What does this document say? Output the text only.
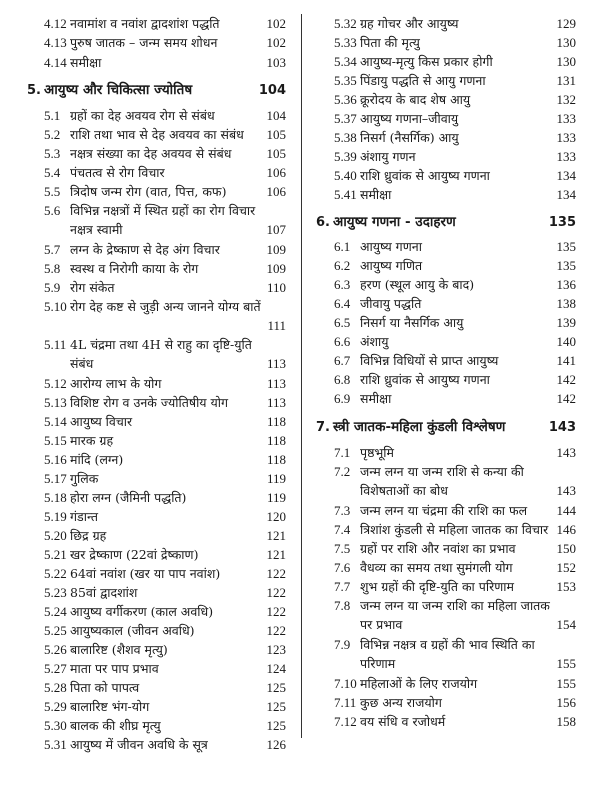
4.12 नवामांश व नवांश द्वादशांश पद्धति	102
4.13 पुरुष जातक – जन्म समय शोधन	102
4.14 समीक्षा	103
5. आयुष्य और चिकित्सा ज्योतिष	104
5.1 ग्रहों का देह अवयव रोग से संबंध	104
5.2 राशि तथा भाव से देह अवयव का संबंध	105
5.3 नक्षत्र संख्या का देह अवयव से संबंध	105
5.4 पंचतत्व से रोग विचार	106
5.5 त्रिदोष जन्म रोग (वात, पित्त, कफ)	106
5.6 विभिन्न नक्षत्रों में स्थित ग्रहों का रोग विचार
नक्षत्र स्वामी	107
5.7 लग्न के द्रेष्काण से देह अंग विचार	109
5.8 स्वस्थ व निरोगी काया के रोग	109
5.9 रोग संकेत	110
5.10 रोग देह कष्ट से जुड़ी अन्य जानने योग्य बातें
111
5.11 4L चंद्रमा तथा 4H से राहु का दृष्टि-युति
संबंध	113
5.12 आरोग्य लाभ के योग	113
5.13 विशिष्ट रोग व उनके ज्योतिषीय योग	113
5.14 आयुष्य विचार	118
5.15 मारक ग्रह	118
5.16 मांदि (लग्न)	118
5.17 गुलिक	119
5.18 होरा लग्न (जैमिनी पद्धति)	119
5.19 गंडान्त	120
5.20 छिद्र ग्रह	121
5.21 खर द्रेष्काण (22वां द्रेष्काण)	121
5.22 64वां नवांश (खर या पाप नवांश)	122
5.23 85वां द्वादशांश	122
5.24 आयुष्य वर्गीकरण (काल अवधि)	122
5.25 आयुष्यकाल (जीवन अवधि)	122
5.26 बालारिष्ट (शैशव मृत्यु)	123
5.27 माता पर पाप प्रभाव	124
5.28 पिता को पापत्व	125
5.29 बालारिष्ट भंग-योग	125
5.30 बालक की शीघ्र मृत्यु	125
5.31 आयुष्य में जीवन अवधि के सूत्र	126
5.32 ग्रह गोचर और आयुष्य	129
5.33 पिता की मृत्यु	130
5.34 आयुष्य-मृत्यु किस प्रकार होगी	130
5.35 पिंडायु पद्धति से आयु गणना	131
5.36 क्रूरोदय के बाद शेष आयु	132
5.37 आयुष्य गणना–जीवायु	133
5.38 निसर्ग (नैसर्गिक) आयु	133
5.39 अंशायु गणन	133
5.40 राशि ध्रुवांक से आयुष्य गणना	134
5.41 समीक्षा	134
6. आयुष्य गणना - उदाहरण	135
6.1 आयुष्य गणना	135
6.2 आयुष्य गणित	135
6.3 हरण (स्थूल आयु के बाद)	136
6.4 जीवायु पद्धति	138
6.5 निसर्ग या नैसर्गिक आयु	139
6.6 अंशायु	140
6.7 विभिन्न विधियों से प्राप्त आयुष्य	141
6.8 राशि ध्रुवांक से आयुष्य गणना	142
6.9 समीक्षा	142
7. स्त्री जातक-महिला कुंडली विश्लेषण	143
7.1 पृष्ठभूमि	143
7.2 जन्म लग्न या जन्म राशि से कन्या की
विशेषताओं का बोध	143
7.3 जन्म लग्न या चंद्रमा की राशि का फल	144
7.4 त्रिशांश कुंडली से महिला जातक का विचार 146
7.5 ग्रहों पर राशि और नवांश का प्रभाव	150
7.6 वैधव्य का समय तथा सुमंगली योग	152
7.7 शुभ ग्रहों की दृष्टि-युति का परिणाम	153
7.8 जन्म लग्न या जन्म राशि का महिला जातक
पर प्रभाव	154
7.9 विभिन्न नक्षत्र व ग्रहों की भाव स्थिति का
परिणाम	155
7.10 महिलाओं के लिए राजयोग	155
7.11 कुछ अन्य राजयोग	156
7.12 वय संधि व रजोधर्म	158
